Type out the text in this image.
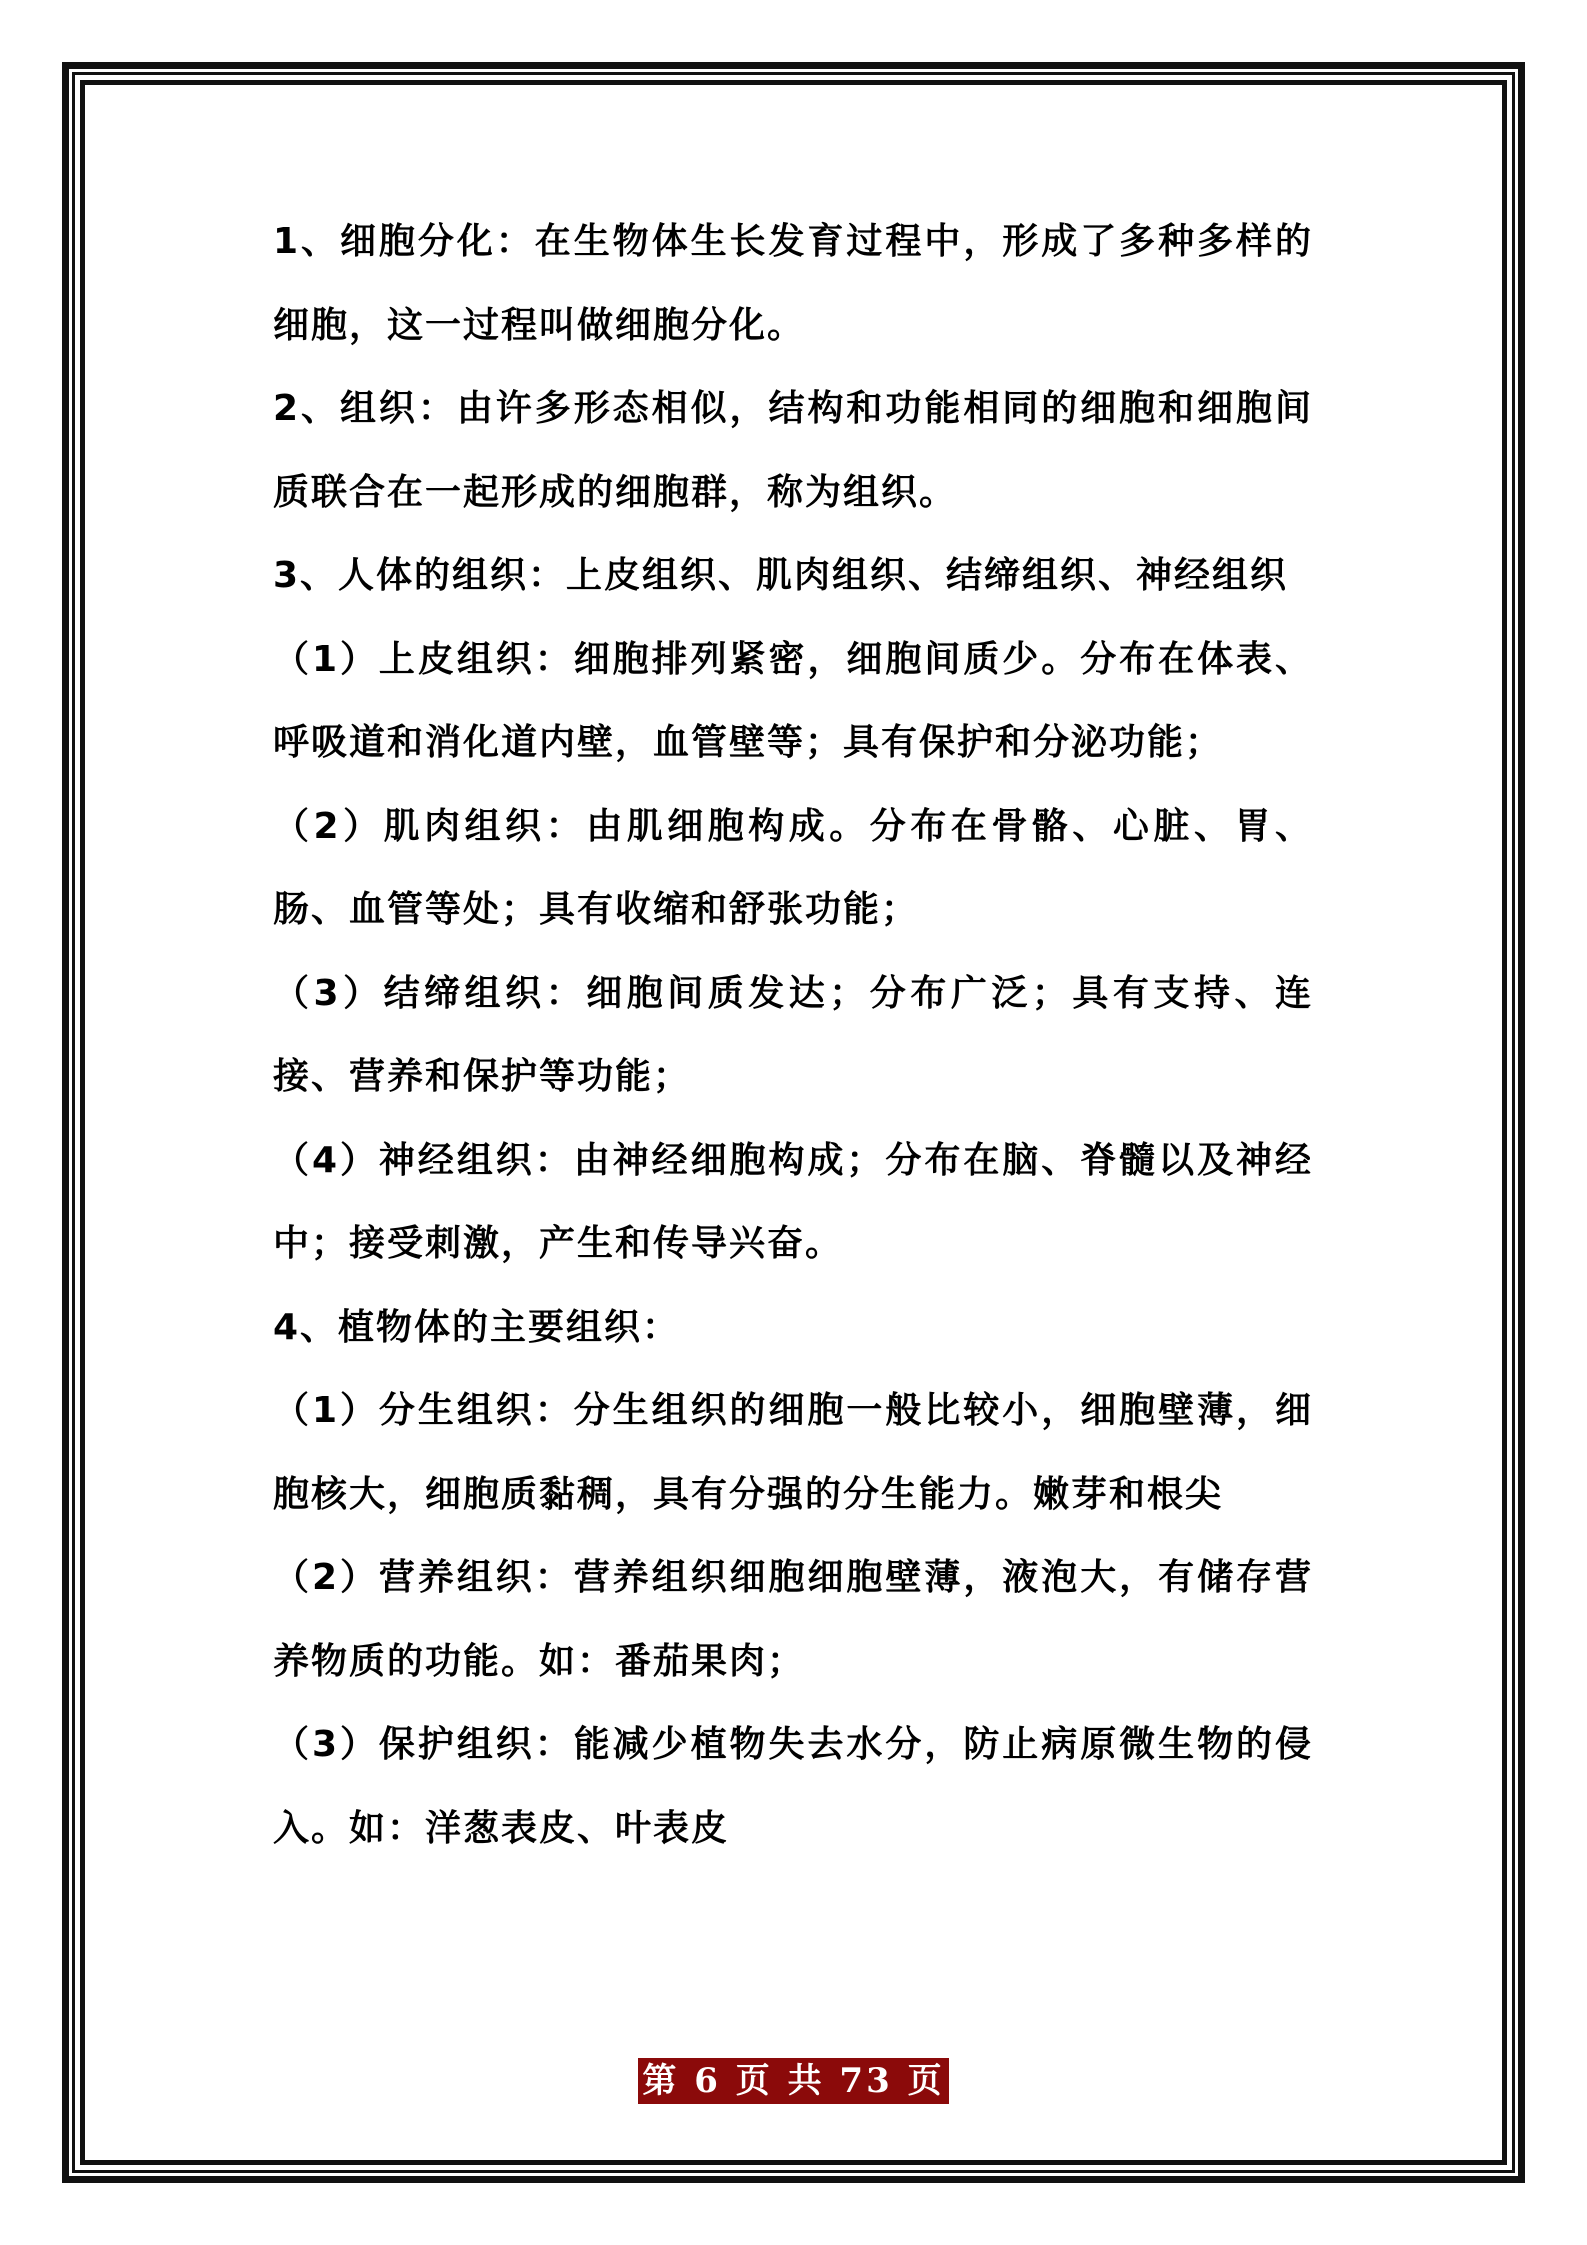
1、细胞分化：在生物体生长发育过程中，形成了多种多样的细胞，这一过程叫做细胞分化。

2、组织：由许多形态相似，结构和功能相同的细胞和细胞间质联合在一起形成的细胞群，称为组织。

3、人体的组织：上皮组织、肌肉组织、结缔组织、神经组织

（1）上皮组织：细胞排列紧密，细胞间质少。分布在体表、呼吸道和消化道内壁，血管壁等；具有保护和分泌功能；

（2）肌肉组织：由肌细胞构成。分布在骨骼、心脏、胃、肠、血管等处；具有收缩和舒张功能；

（3）结缔组织：细胞间质发达；分布广泛；具有支持、连接、营养和保护等功能；

（4）神经组织：由神经细胞构成；分布在脑、脊髓以及神经中；接受刺激，产生和传导兴奋。

4、植物体的主要组织：

（1）分生组织：分生组织的细胞一般比较小，细胞壁薄，细胞核大，细胞质黏稠，具有分强的分生能力。嫩芽和根尖

（2）营养组织：营养组织细胞细胞壁薄，液泡大，有储存营养物质的功能。如：番茄果肉；

（3）保护组织：能减少植物失去水分，防止病原微生物的侵入。如：洋葱表皮、叶表皮

第 6 页 共 73 页
